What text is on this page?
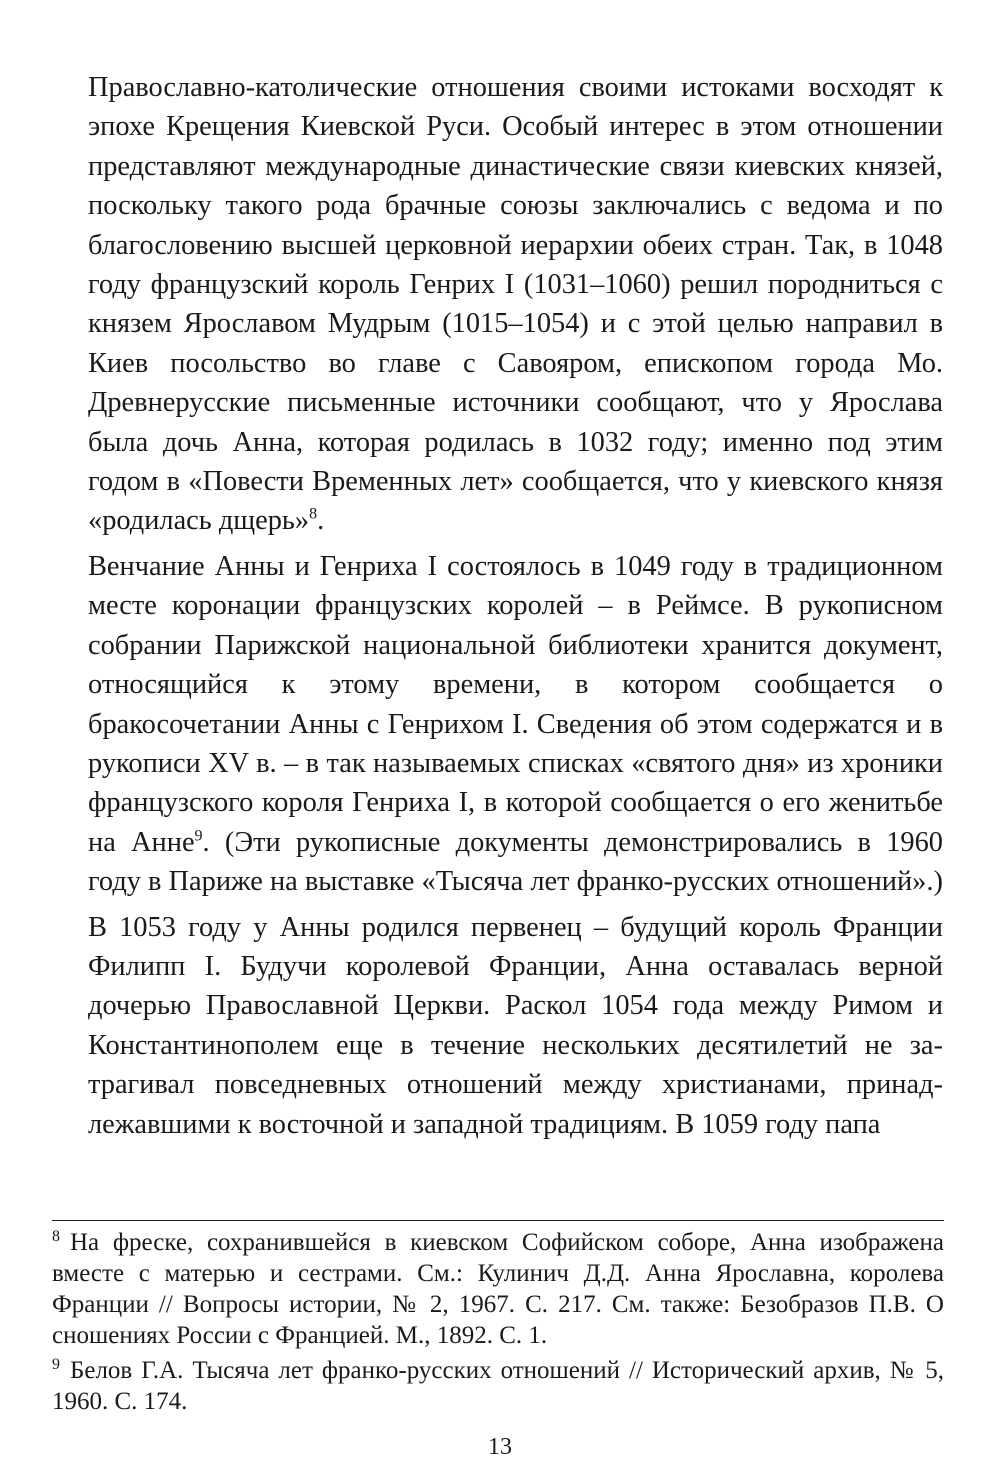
Православно-католические отношения своими истоками восходят к эпохе Крещения Киевской Руси. Особый интерес в этом отношении представляют международные династические связи киевских князей, поскольку такого рода брачные союзы заключались с ведома и по благословению высшей церковной иерархии обеих стран. Так, в 1048 году французский король Генрих I (1031–1060) решил породниться с князем Ярославом Мудрым (1015–1054) и с этой целью направил в Киев посольство во главе с Савояром, епископом города Мо. Древнерусские письменные источники сообщают, что у Ярослава была дочь Анна, которая родилась в 1032 году; именно под этим годом в «Повести Временных лет» сообщается, что у киевского князя «родилась дщерь»$^8$.

Венчание Анны и Генриха I состоялось в 1049 году в традиционном месте коронации французских королей – в Реймсе. В рукописном собрании Парижской национальной библиотеки хранится документ, относящийся к этому времени, в котором сообщается о бракосочетании Анны с Генрихом I. Сведения об этом содержатся и в рукописи XV в. – в так называемых списках «святого дня» из хроники французского короля Генриха I, в которой сообщается о его женитьбе на Анне$^9$. (Эти рукописные документы демонстрировались в 1960 году в Париже на выставке «Тысяча лет франко-русских отношений».)

В 1053 году у Анны родился первенец – будущий король Франции Филипп I. Будучи королевой Франции, Анна оставалась верной дочерью Православной Церкви. Раскол 1054 года между Римом и Константинополем еще в течение нескольких десятилетий не затрагивал повседневных отношений между христианами, принадлежавшими к восточной и западной традициям. В 1059 году папа

$^8$ На фреске, сохранившейся в киевском Софийском соборе, Анна изображена вместе с матерью и сестрами. См.: Кулинич Д.Д. Анна Ярославна, королева Франции // Вопросы истории, № 2, 1967. С. 217. См. также: Безобразов П.В. О сношениях России с Францией. М., 1892. С. 1.

$^9$ Белов Г.А. Тысяча лет франко-русских отношений // Исторический архив, № 5, 1960. С. 174.

13
